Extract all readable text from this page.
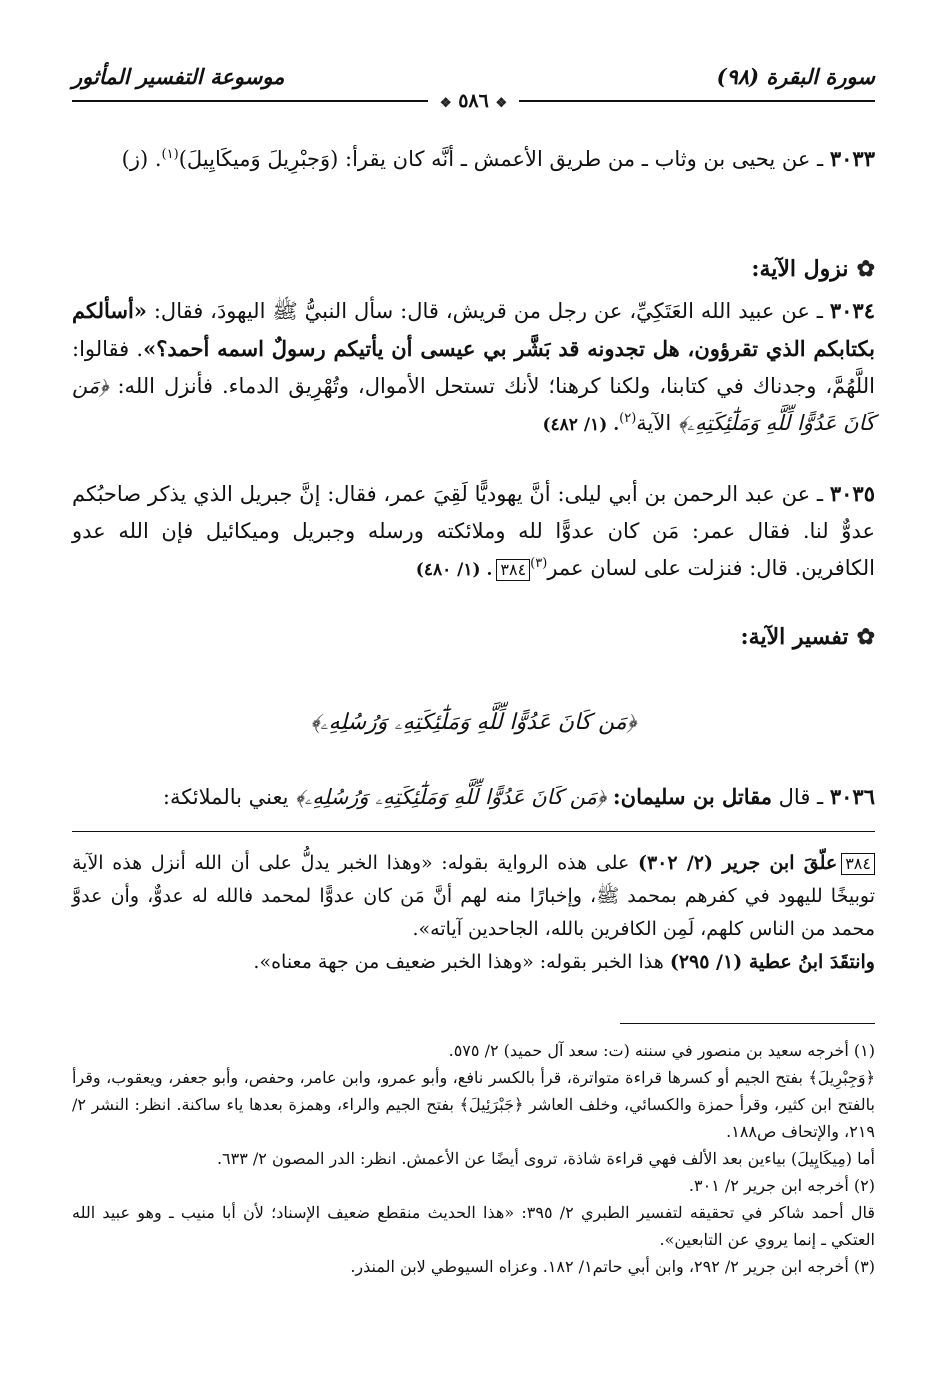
سورة البقرة (٩٨)
موسوعة التفسير المأثور
❖ ٥٨٦ ❖
٣٠٣٣ ـ عن يحيى بن وثاب ـ من طريق الأعمش ـ أنَّه كان يقرأ: (وَجبْرِيلَ وَميكَايِيلَ)$^{(١)}$. (ز)
✿نزول الآية:
٣٠٣٤ ـ عن عبيد الله العَتَكِيِّ، عن رجل من قريش، قال: سأل النبيُّ ﷺ اليهودَ، فقال: «أسألكم بكتابكم الذي تقرؤون، هل تجدونه قد بَشَّر بي عيسى أن يأتيكم رسولٌ اسمه أحمد؟». فقالوا: اللَّهُمَّ، وجدناك في كتابنا، ولكنا كرهنا؛ لأنك تستحل الأموال، وتُهْرِيق الدماء. فأنزل الله: ﴿مَن كَانَ عَدُوًّا لِّلَّهِ وَمَلَٰٓئِكَتِهِۦ﴾ الآية$^{(٢)}$. (١/ ٤٨٢)
٣٠٣٥ ـ عن عبد الرحمن بن أبي ليلى: أنَّ يهوديًّا لَقِيَ عمر، فقال: إنَّ جبريل الذي يذكر صاحبُكم عدوٌّ لنا. فقال عمر: مَن كان عدوًّا لله وملائكته ورسله وجبريل وميكائيل فإن الله عدو الكافرين. قال: فنزلت على لسان عمر$^{(٣)}$٣٨٤. (١/ ٤٨٠)
✿تفسير الآية:
﴿مَن كَانَ عَدُوًّا لِّلَّهِ وَمَلَٰٓئِكَتِهِۦ وَرُسُلِهِۦ﴾
٣٠٣٦ ـ قال مقاتل بن سليمان: ﴿مَن كَانَ عَدُوًّا لِّلَّهِ وَمَلَٰٓئِكَتِهِۦ وَرُسُلِهِۦ﴾ يعني بالملائكة:
٣٨٤علّقَ ابن جرير (٢/ ٣٠٢) على هذه الرواية بقوله: «وهذا الخبر يدلُّ على أن الله أنزل هذه الآية توبيخًا لليهود في كفرهم بمحمد ﷺ، وإخبارًا منه لهم أنَّ مَن كان عدوًّا لمحمد فالله له عدوٌّ، وأن عدوَّ محمد من الناس كلهم، لَمِن الكافرين بالله، الجاحدين آياته».
وانتقَدَ ابنُ عطية (١/ ٢٩٥) هذا الخبر بقوله: «وهذا الخبر ضعيف من جهة معناه».
(١) أخرجه سعيد بن منصور في سننه (ت: سعد آل حميد) ٢/ ٥٧٥.
﴿وَجِبْرِيلَ﴾ بفتح الجيم أو كسرها قراءة متواترة، قرأ بالكسر نافع، وأبو عمرو، وابن عامر، وحفص، وأبو جعفر، ويعقوب، وقرأ بالفتح ابن كثير، وقرأ حمزة والكسائي، وخلف العاشر ﴿جَبْرَئِيلَ﴾ بفتح الجيم والراء، وهمزة بعدها ياء ساكنة. انظر: النشر ٢/ ٢١٩، والإتحاف ص١٨٨.
أما (مِيكَايِيلَ) بياءين بعد الألف فهي قراءة شاذة، تروى أيضًا عن الأعمش. انظر: الدر المصون ٢/ ٦٣٣.
(٢) أخرجه ابن جرير ٢/ ٣٠١.
قال أحمد شاكر في تحقيقه لتفسير الطبري ٢/ ٣٩٥: «هذا الحديث منقطع ضعيف الإسناد؛ لأن أبا منيب ـ وهو عبيد الله العتكي ـ إنما يروي عن التابعين».
(٣) أخرجه ابن جرير ٢/ ٢٩٢، وابن أبي حاتم١/ ١٨٢. وعزاه السيوطي لابن المنذر.
